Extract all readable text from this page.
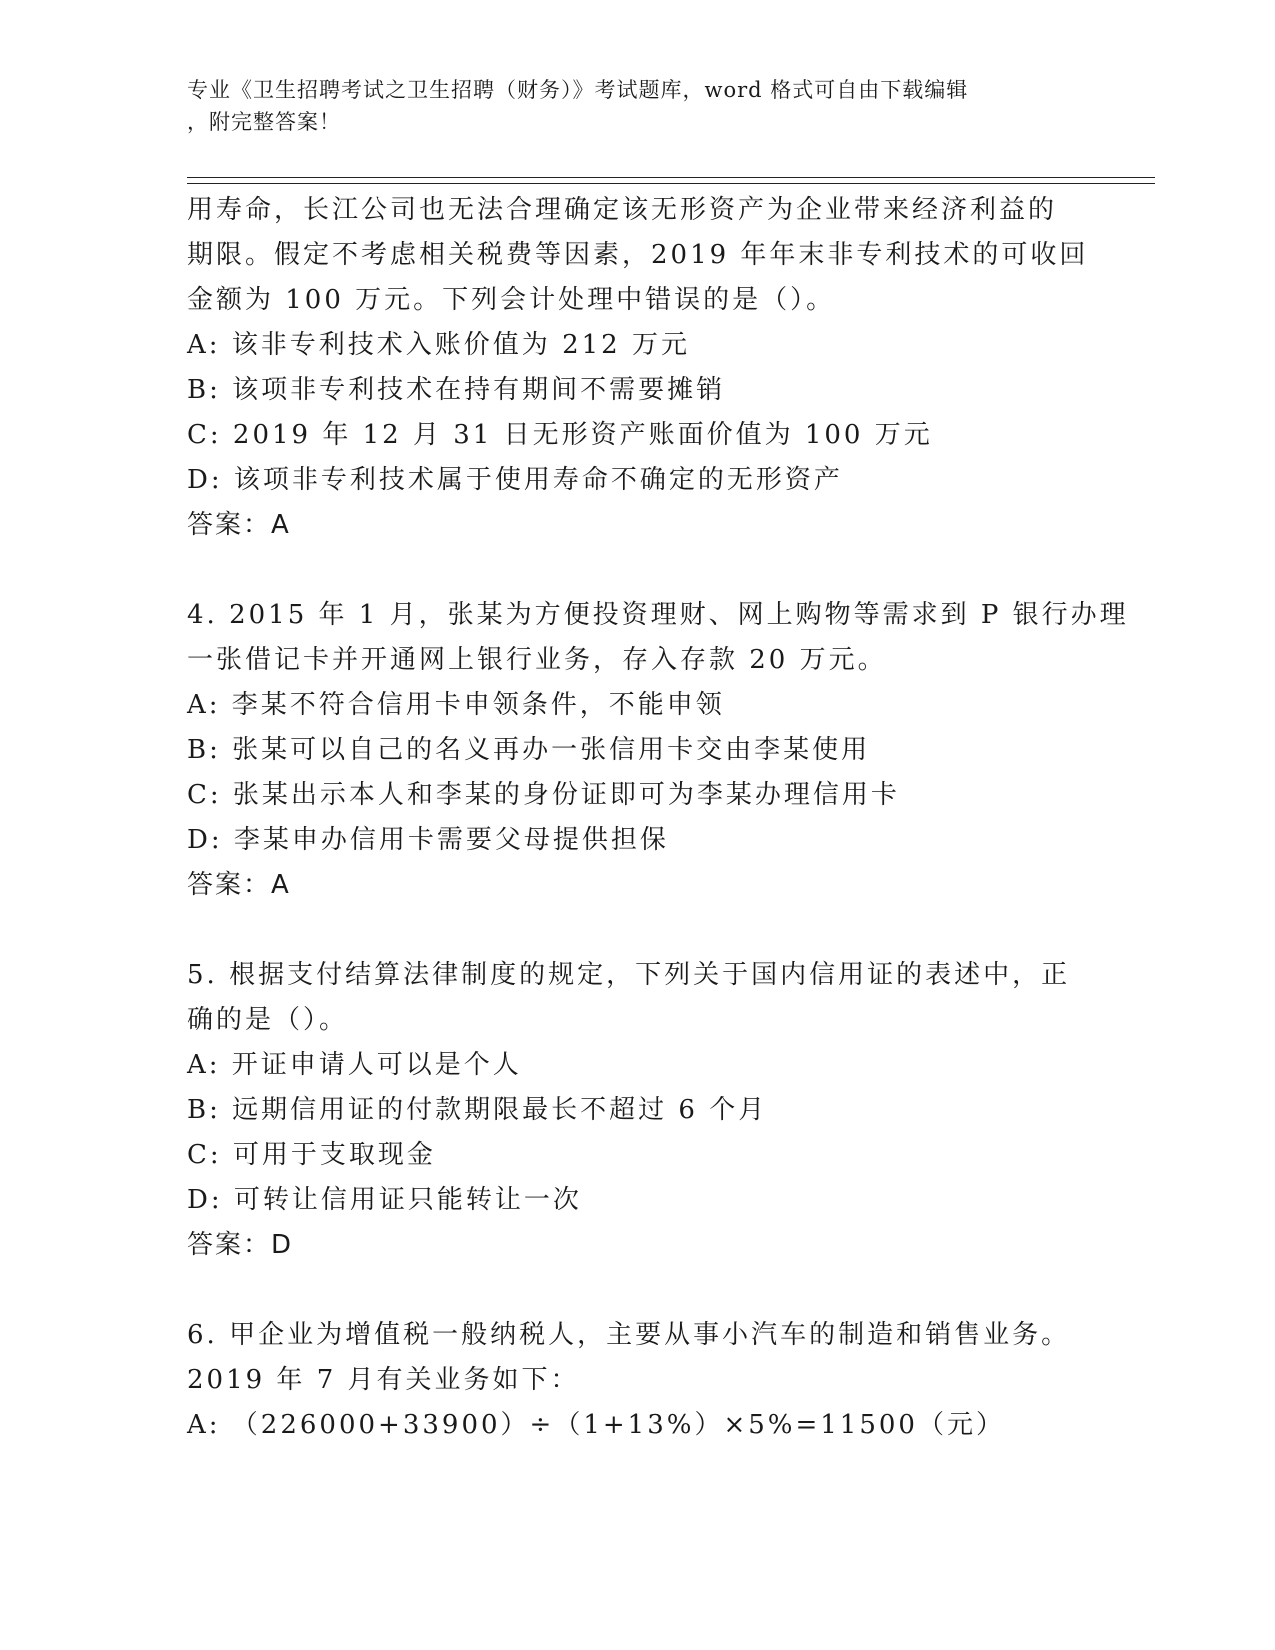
专业《卫生招聘考试之卫生招聘（财务）》考试题库，word 格式可自由下载编辑
，附完整答案！
用寿命，长江公司也无法合理确定该无形资产为企业带来经济利益的
期限。假定不考虑相关税费等因素，2019 年年末非专利技术的可收回
金额为 100 万元。下列会计处理中错误的是（）。
A: 该非专利技术入账价值为 212 万元
B: 该项非专利技术在持有期间不需要摊销
C: 2019 年 12 月 31 日无形资产账面价值为 100 万元
D: 该项非专利技术属于使用寿命不确定的无形资产
答案：A
4. 2015 年 1 月，张某为方便投资理财、网上购物等需求到 P 银行办理
一张借记卡并开通网上银行业务，存入存款 20 万元。
A: 李某不符合信用卡申领条件，不能申领
B: 张某可以自己的名义再办一张信用卡交由李某使用
C: 张某出示本人和李某的身份证即可为李某办理信用卡
D: 李某申办信用卡需要父母提供担保
答案：A
5. 根据支付结算法律制度的规定，下列关于国内信用证的表述中，正
确的是（）。
A: 开证申请人可以是个人
B: 远期信用证的付款期限最长不超过 6 个月
C: 可用于支取现金
D: 可转让信用证只能转让一次
答案：D
6. 甲企业为增值税一般纳税人，主要从事小汽车的制造和销售业务。
2019 年 7 月有关业务如下：
A: （226000+33900）÷（1+13%）×5%=11500（元）
